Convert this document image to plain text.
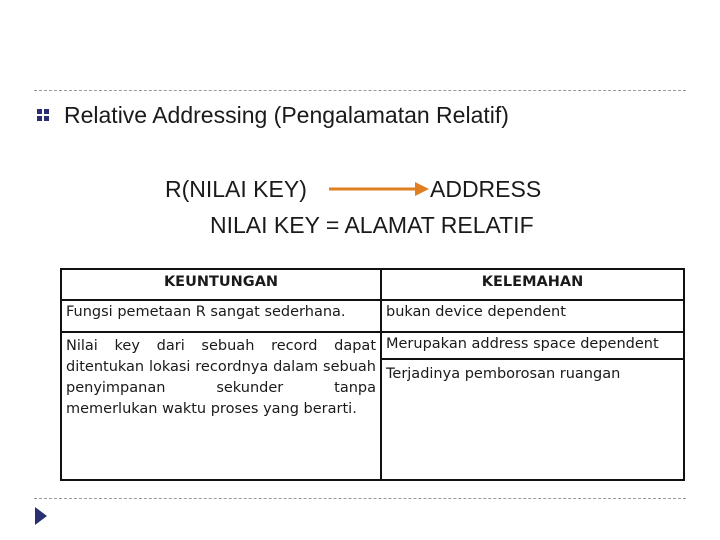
Relative Addressing (Pengalamatan Relatif)
R(NILAI KEY)	ADDRESS
NILAI KEY = ALAMAT RELATIF
KEUNTUNGAN	KELEMAHAN
Fungsi pemetaan R sangat sederhana.	bukan device dependent
Nilai key dari sebuah record dapat ditentukan lokasi recordnya dalam sebuah penyimpanan sekunder tanpa memerlukan waktu proses yang berarti.	Merupakan address space dependent
Terjadinya pemborosan ruangan
